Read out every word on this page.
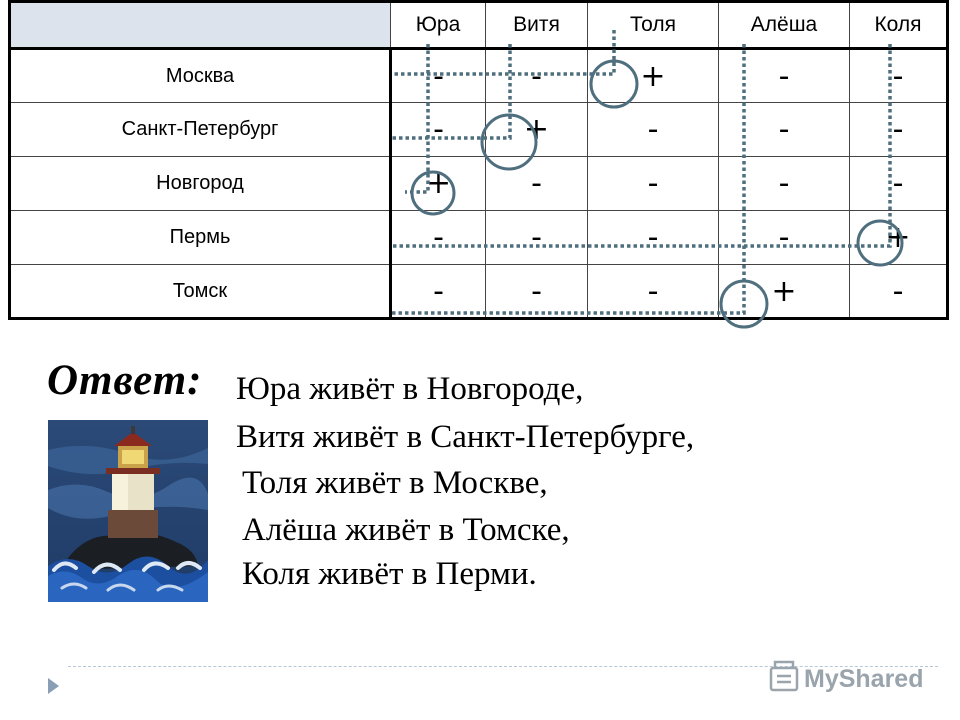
	Юра	Витя	Толя	Алёша	Коля
Москва	-	-	+	-	-
Санкт-Петербург	-	+	-	-	-
Новгород	+	-	-	-	-
Пермь	-	-	-	-	+
Томск	-	-	-	+	-
Ответ: Юра живёт в Новгороде,

Витя живёт в Санкт-Петербурге,

Толя живёт в Москве,

Алёша живёт в Томске,

Коля живёт в Перми.

MyShared
